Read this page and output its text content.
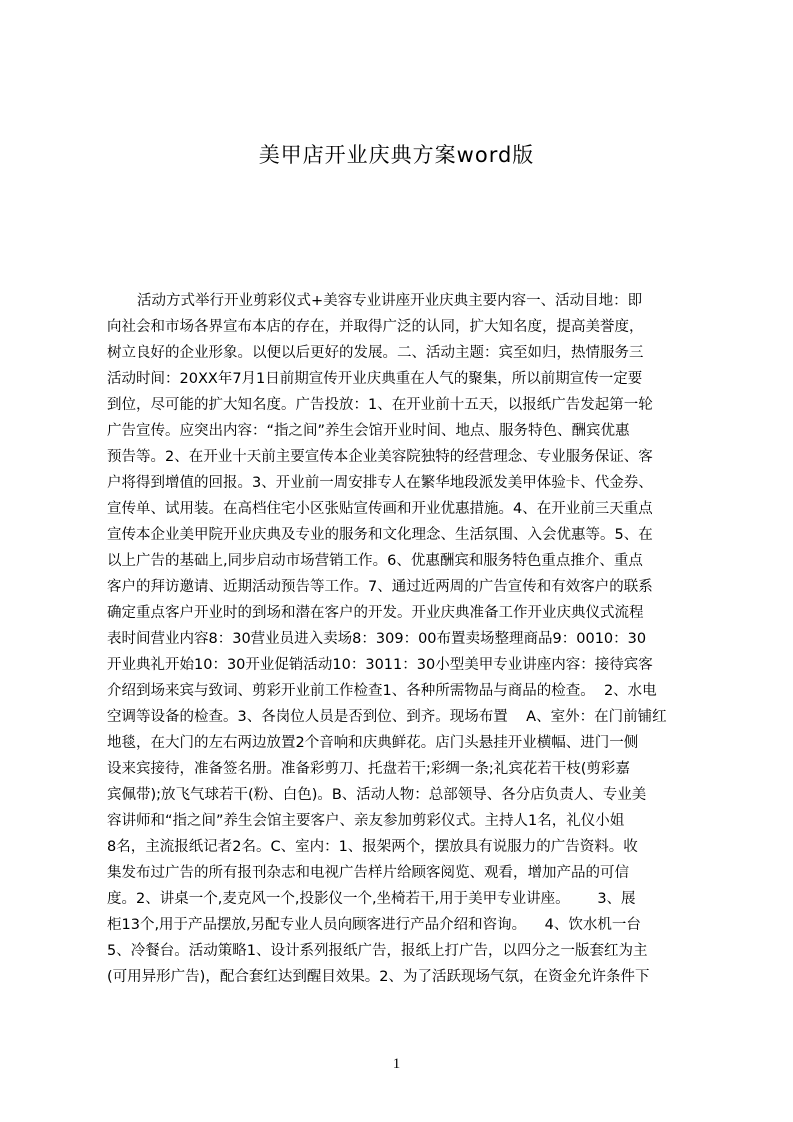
美甲店开业庆典方案word版
活动方式举行开业剪彩仪式+美容专业讲座开业庆典主要内容一、活动目地：即
向社会和市场各界宣布本店的存在，并取得广泛的认同，扩大知名度，提高美誉度，
树立良好的企业形象。以便以后更好的发展。二、活动主题：宾至如归，热情服务三
活动时间：20XX年7月1日前期宣传开业庆典重在人气的聚集，所以前期宣传一定要
到位，尽可能的扩大知名度。广告投放：1、在开业前十五天，以报纸广告发起第一轮
广告宣传。应突出内容：“指之间”养生会馆开业时间、地点、服务特色、酬宾优惠
预告等。2、在开业十天前主要宣传本企业美容院独特的经营理念、专业服务保证、客
户将得到增值的回报。3、开业前一周安排专人在繁华地段派发美甲体验卡、代金券、
宣传单、试用装。在高档住宅小区张贴宣传画和开业优惠措施。4、在开业前三天重点
宣传本企业美甲院开业庆典及专业的服务和文化理念、生活氛围、入会优惠等。5、在
以上广告的基础上,同步启动市场营销工作。6、优惠酬宾和服务特色重点推介、重点
客户的拜访邀请、近期活动预告等工作。7、通过近两周的广告宣传和有效客户的联系
确定重点客户开业时的到场和潜在客户的开发。开业庆典准备工作开业庆典仪式流程
表时间营业内容8：30营业员进入卖场8：309：00布置卖场整理商品9：0010：30
开业典礼开始10：30开业促销活动10：3011：30小型美甲专业讲座内容：接待宾客
介绍到场来宾与致词、剪彩开业前工作检查1、各种所需物品与商品的检查。  2、水电
空调等设备的检查。3、各岗位人员是否到位、到齐。现场布置    A、室外：在门前铺红
地毯，在大门的左右两边放置2个音响和庆典鲜花。店门头悬挂开业横幅、进门一侧
设来宾接待，准备签名册。准备彩剪刀、托盘若干;彩绸一条;礼宾花若干枝(剪彩嘉
宾佩带);放飞气球若干(粉、白色)。B、活动人物：总部领导、各分店负责人、专业美
容讲师和“指之间”养生会馆主要客户、亲友参加剪彩仪式。主持人1名，礼仪小姐
8名，主流报纸记者2名。C、室内：1、报架两个，摆放具有说服力的广告资料。收
集发布过广告的所有报刊杂志和电视广告样片给顾客阅览、观看，增加产品的可信
度。2、讲桌一个,麦克风一个,投影仪一个,坐椅若干,用于美甲专业讲座。      3、展
柜13个,用于产品摆放,另配专业人员向顾客进行产品介绍和咨询。    4、饮水机一台
5、冷餐台。活动策略1、设计系列报纸广告，报纸上打广告，以四分之一版套红为主
(可用异形广告)，配合套红达到醒目效果。2、为了活跃现场气氛，在资金允许条件下
1
